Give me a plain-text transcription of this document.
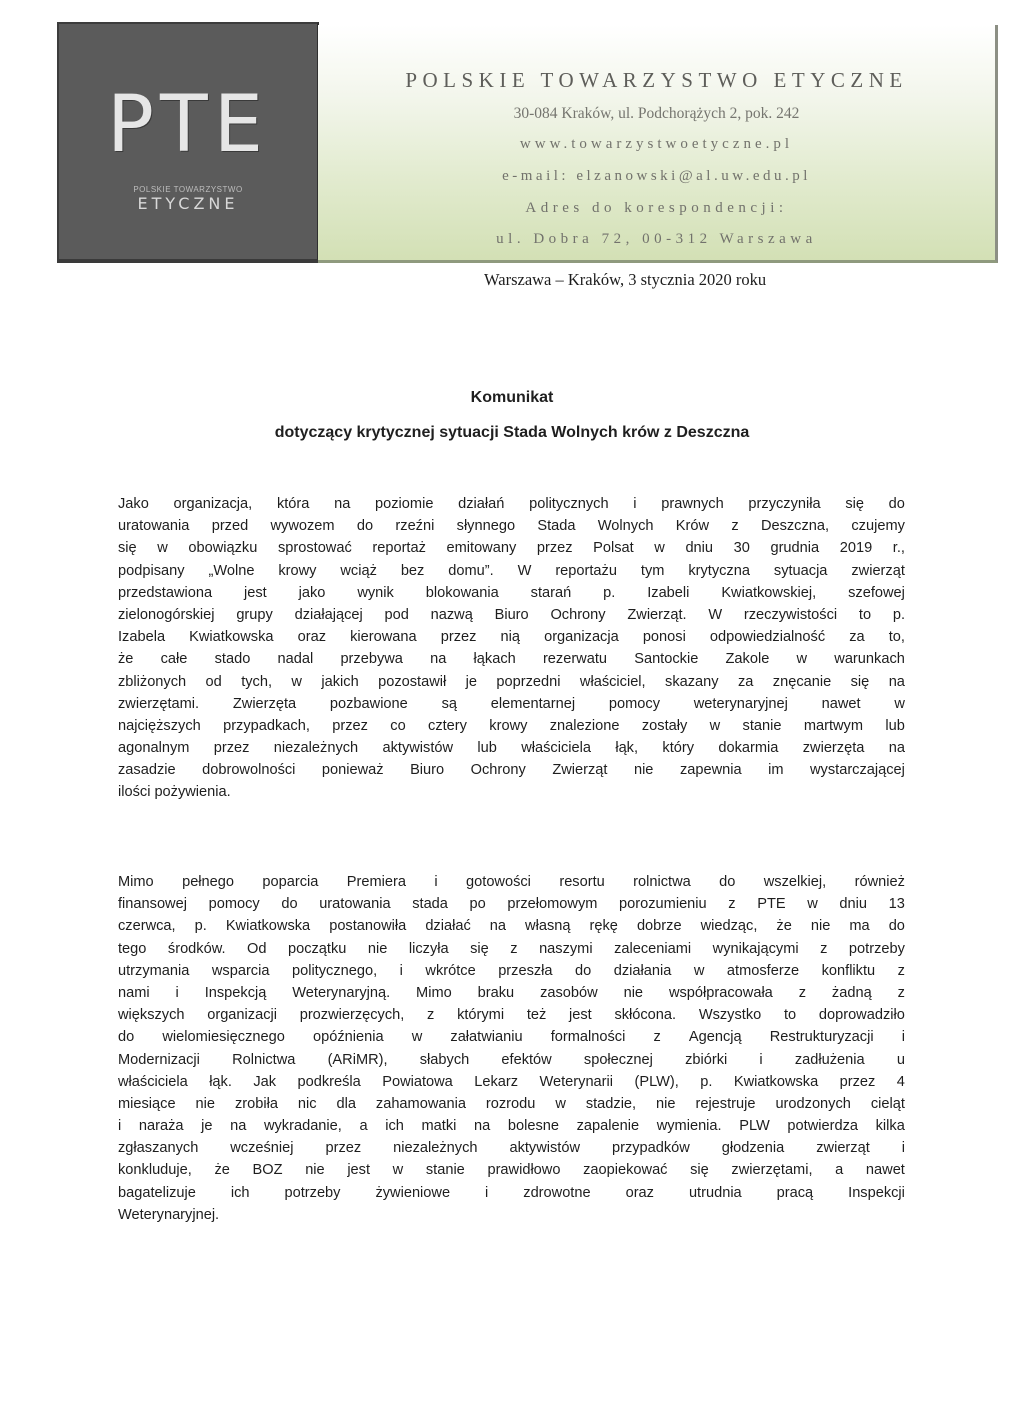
PTE
POLSKIE TOWARZYSTWO
ETYCZNE
POLSKIE TOWARZYSTWO ETYCZNE
30-084 Kraków, ul. Podchorążych 2, pok. 242
www.towarzystwoetyczne.pl
e-mail: elzanowski@al.uw.edu.pl
Adres do korespondencji:
ul. Dobra 72, 00-312 Warszawa
Warszawa – Kraków, 3 stycznia 2020 roku
Komunikat
dotyczący krytycznej sytuacji Stada Wolnych krów z Deszczna
Jako organizacja, która na poziomie działań politycznych i prawnych przyczyniła się do
uratowania przed wywozem do rzeźni słynnego Stada Wolnych Krów z Deszczna, czujemy
się w obowiązku sprostować reportaż emitowany przez Polsat w dniu 30 grudnia 2019 r.,
podpisany „Wolne krowy wciąż bez domu”. W reportażu tym krytyczna sytuacja zwierząt
przedstawiona jest jako wynik blokowania starań p. Izabeli Kwiatkowskiej, szefowej
zielonogórskiej grupy działającej pod nazwą Biuro Ochrony Zwierząt. W rzeczywistości to p.
Izabela Kwiatkowska oraz kierowana przez nią organizacja ponosi odpowiedzialność za to,
że całe stado nadal przebywa na łąkach rezerwatu Santockie Zakole w warunkach
zbliżonych od tych, w jakich pozostawił je poprzedni właściciel, skazany za znęcanie się na
zwierzętami. Zwierzęta pozbawione są elementarnej pomocy weterynaryjnej nawet w
najcięższych przypadkach, przez co cztery krowy znalezione zostały w stanie martwym lub
agonalnym przez niezależnych aktywistów lub właściciela łąk, który dokarmia zwierzęta na
zasadzie dobrowolności ponieważ Biuro Ochrony Zwierząt nie zapewnia im wystarczającej
ilości pożywienia.
Mimo pełnego poparcia Premiera i gotowości resortu rolnictwa do wszelkiej, również
finansowej pomocy do uratowania stada po przełomowym porozumieniu z PTE w dniu 13
czerwca, p. Kwiatkowska postanowiła działać na własną rękę dobrze wiedząc, że nie ma do
tego środków. Od początku nie liczyła się z naszymi zaleceniami wynikającymi z potrzeby
utrzymania wsparcia politycznego, i wkrótce przeszła do działania w atmosferze konfliktu z
nami i Inspekcją Weterynaryjną. Mimo braku zasobów nie współpracowała z żadną z
większych organizacji prozwierzęcych, z którymi też jest skłócona. Wszystko to doprowadziło
do wielomiesięcznego opóźnienia w załatwianiu formalności z Agencją Restrukturyzacji i
Modernizacji Rolnictwa (ARiMR), słabych efektów społecznej zbiórki i zadłużenia u
właściciela łąk. Jak podkreśla Powiatowa Lekarz Weterynarii (PLW), p. Kwiatkowska przez 4
miesiące nie zrobiła nic dla zahamowania rozrodu w stadzie, nie rejestruje urodzonych cieląt
i naraża je na wykradanie, a ich matki na bolesne zapalenie wymienia. PLW potwierdza kilka
zgłaszanych wcześniej przez niezależnych aktywistów przypadków głodzenia zwierząt i
konkluduje, że BOZ nie jest w stanie prawidłowo zaopiekować się zwierzętami, a nawet
bagatelizuje ich potrzeby żywieniowe i zdrowotne oraz utrudnia pracą Inspekcji
Weterynaryjnej.
